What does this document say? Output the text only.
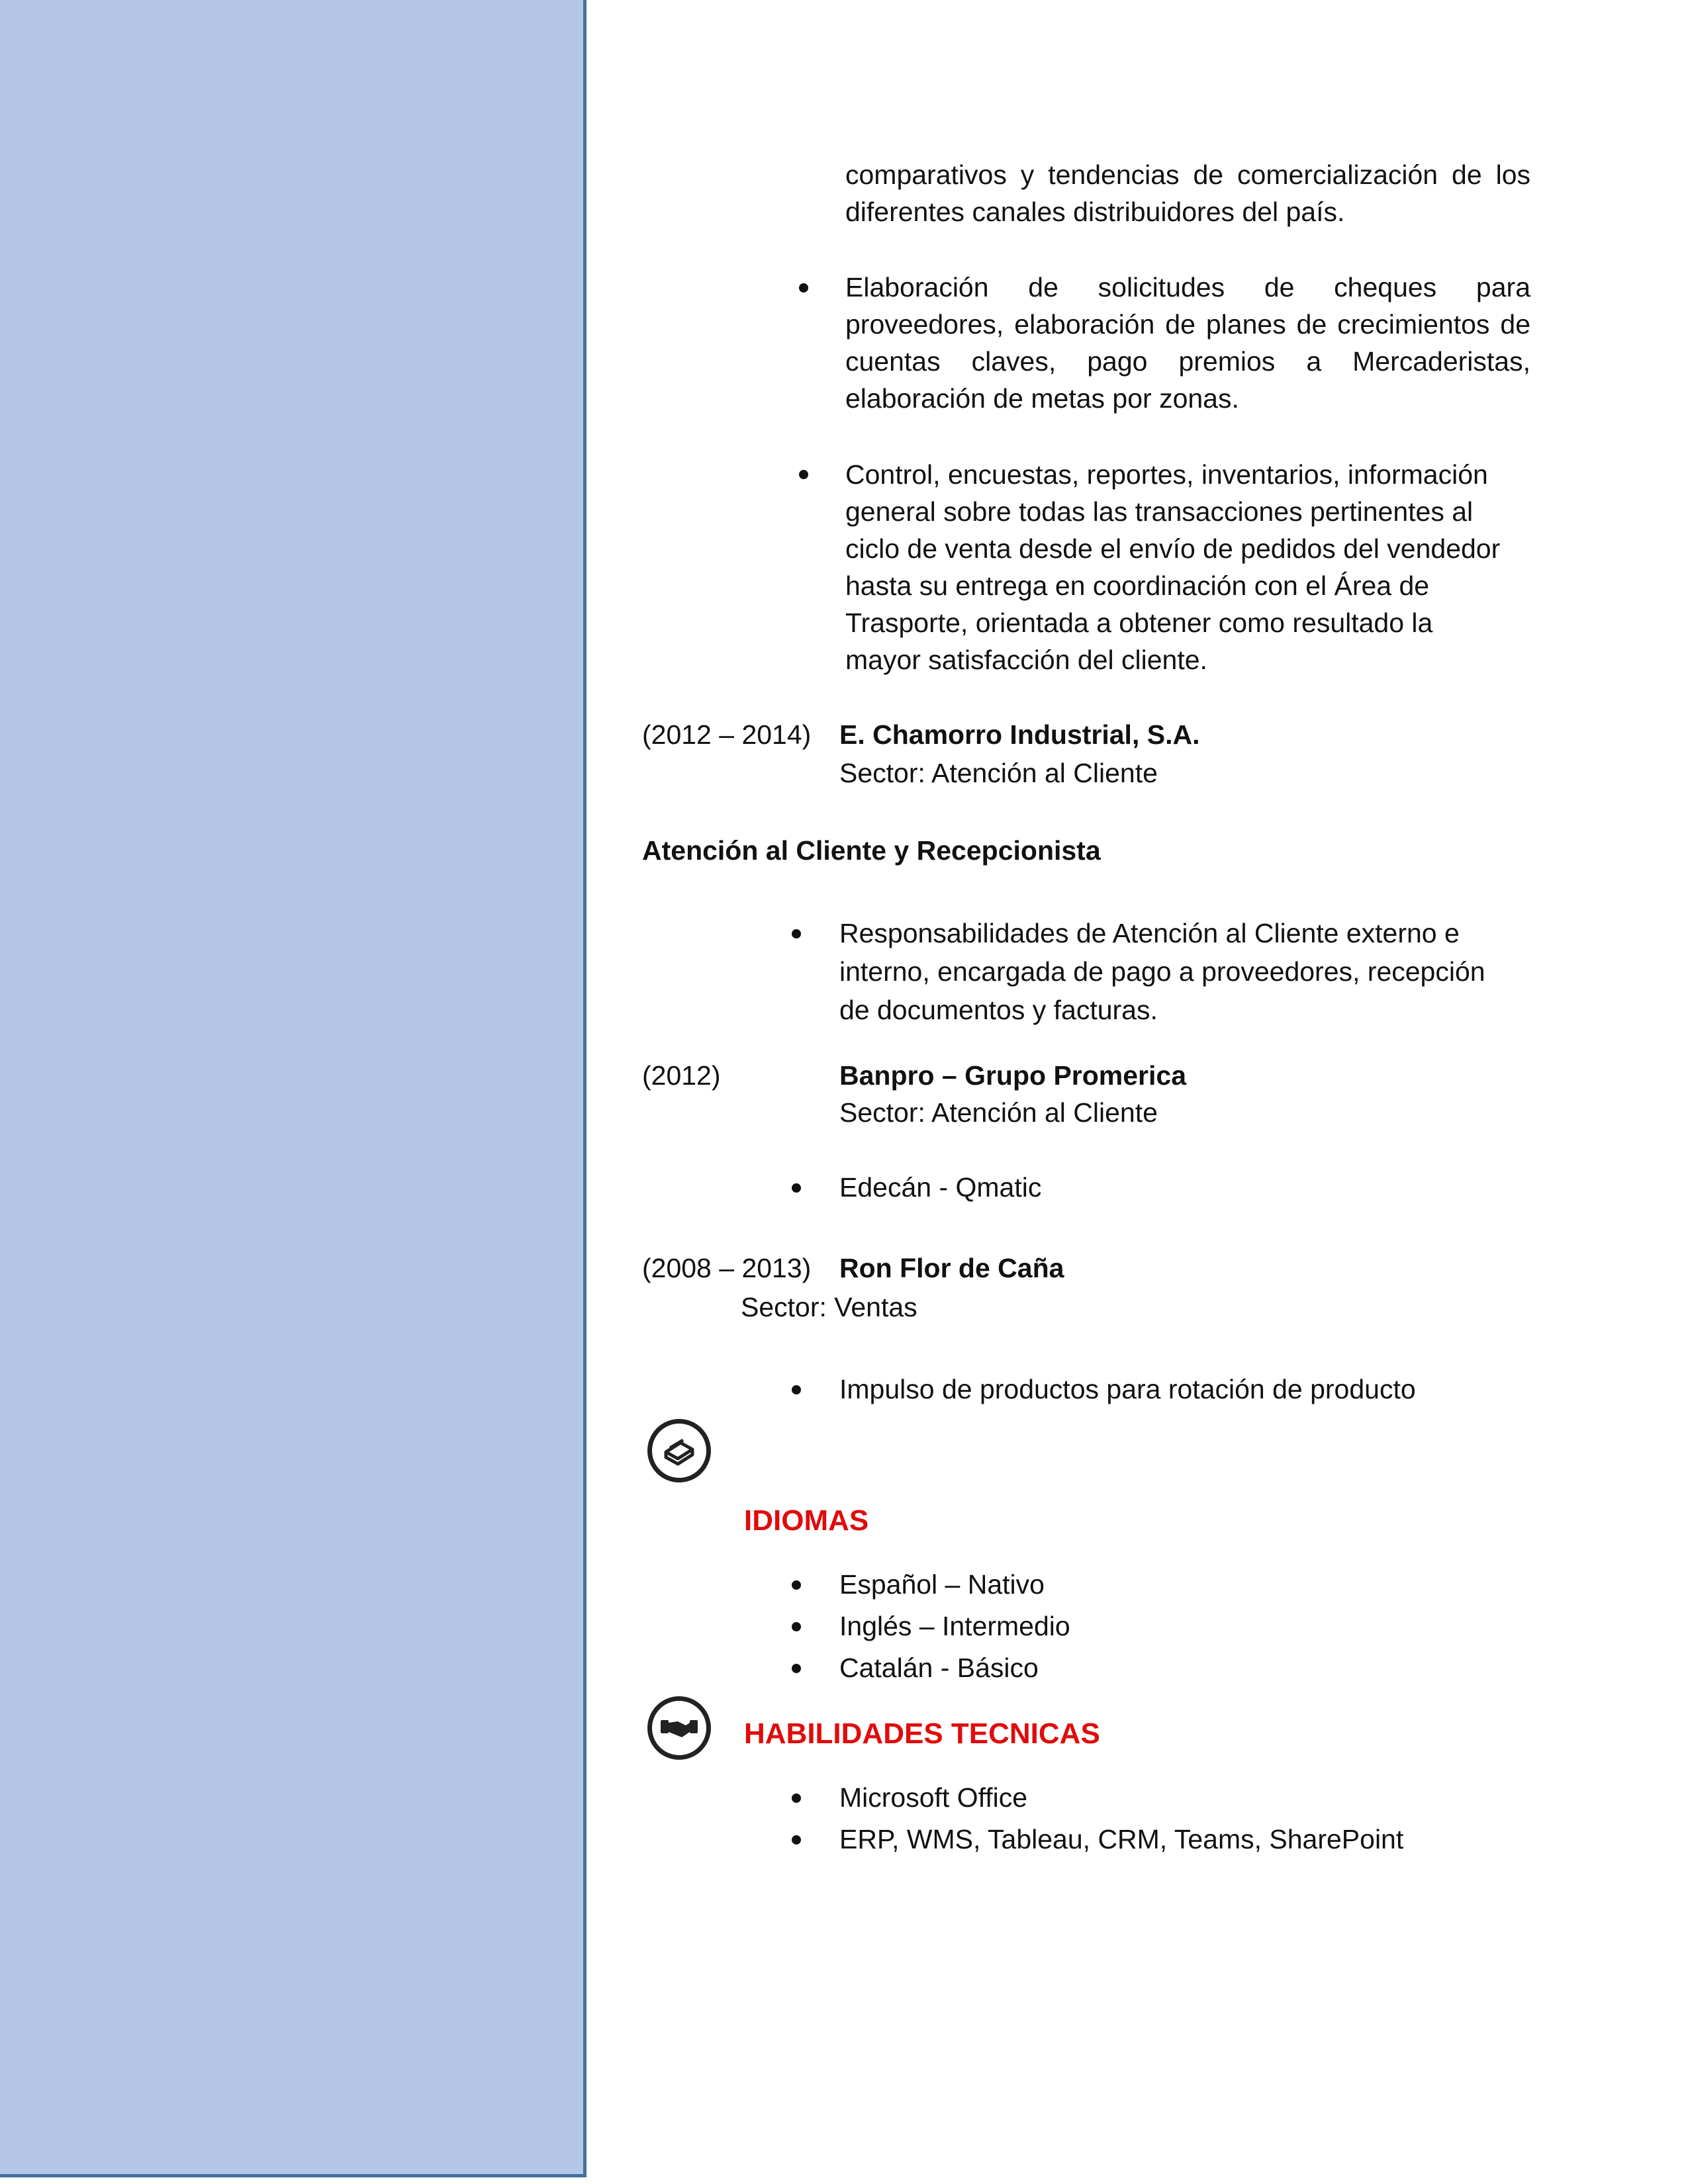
comparativos y tendencias de comercialización de los
diferentes canales distribuidores del país.
Elaboración de solicitudes de cheques para
proveedores, elaboración de planes de crecimientos de
cuentas claves, pago premios a Mercaderistas,
elaboración de metas por zonas.
Control, encuestas, reportes, inventarios, información
general sobre todas las transacciones pertinentes al
ciclo de venta desde el envío de pedidos del vendedor
hasta su entrega en coordinación con el Área de
Trasporte, orientada a obtener como resultado la
mayor satisfacción del cliente.
(2012 – 2014) E. Chamorro Industrial, S.A.
Sector: Atención al Cliente
Atención al Cliente y Recepcionista
Responsabilidades de Atención al Cliente externo e
interno, encargada de pago a proveedores, recepción
de documentos y facturas.
(2012)	Banpro – Grupo Promerica
Sector: Atención al Cliente
Edecán - Qmatic
(2008 – 2013) Ron Flor de Caña
Sector: Ventas
Impulso de productos para rotación de producto
IDIOMAS
Español – Nativo
Inglés – Intermedio
Catalán - Básico
HABILIDADES TECNICAS
Microsoft Office
ERP, WMS, Tableau, CRM, Teams, SharePoint
